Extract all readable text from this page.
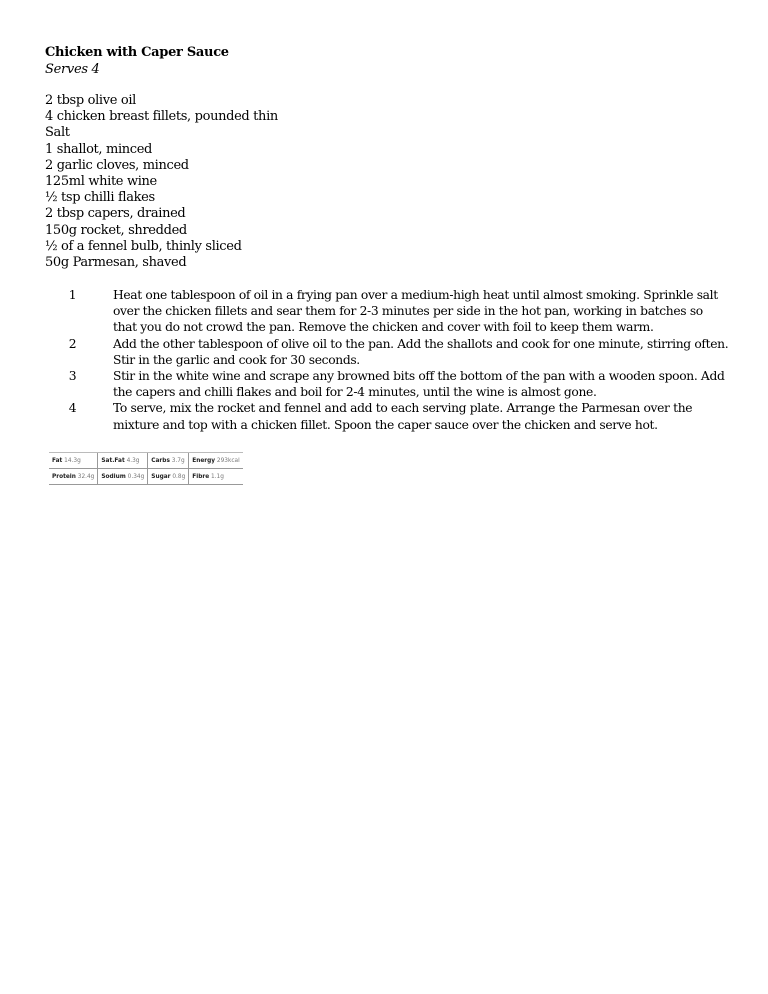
Chicken with Caper Sauce
Serves 4
2 tbsp olive oil
4 chicken breast fillets, pounded thin
Salt
1 shallot, minced
2 garlic cloves, minced
125ml white wine
½ tsp chilli flakes
2 tbsp capers, drained
150g rocket, shredded
½ of a fennel bulb, thinly sliced
50g Parmesan, shaved
1	Heat one tablespoon of oil in a frying pan over a medium-high heat until almost smoking. Sprinkle salt over the chicken fillets and sear them for 2-3 minutes per side in the hot pan, working in batches so that you do not crowd the pan. Remove the chicken and cover with foil to keep them warm.
2	Add the other tablespoon of olive oil to the pan. Add the shallots and cook for one minute, stirring often. Stir in the garlic and cook for 30 seconds.
3	Stir in the white wine and scrape any browned bits off the bottom of the pan with a wooden spoon. Add the capers and chilli flakes and boil for 2-4 minutes, until the wine is almost gone.
4	To serve, mix the rocket and fennel and add to each serving plate. Arrange the Parmesan over the mixture and top with a chicken fillet. Spoon the caper sauce over the chicken and serve hot.
Fat 14.3g	Sat.Fat 4.3g	Carbs 3.7g	Energy 293kcal
Protein 32.4g	Sodium 0.34g	Sugar 0.8g	Fibre 1.1g
